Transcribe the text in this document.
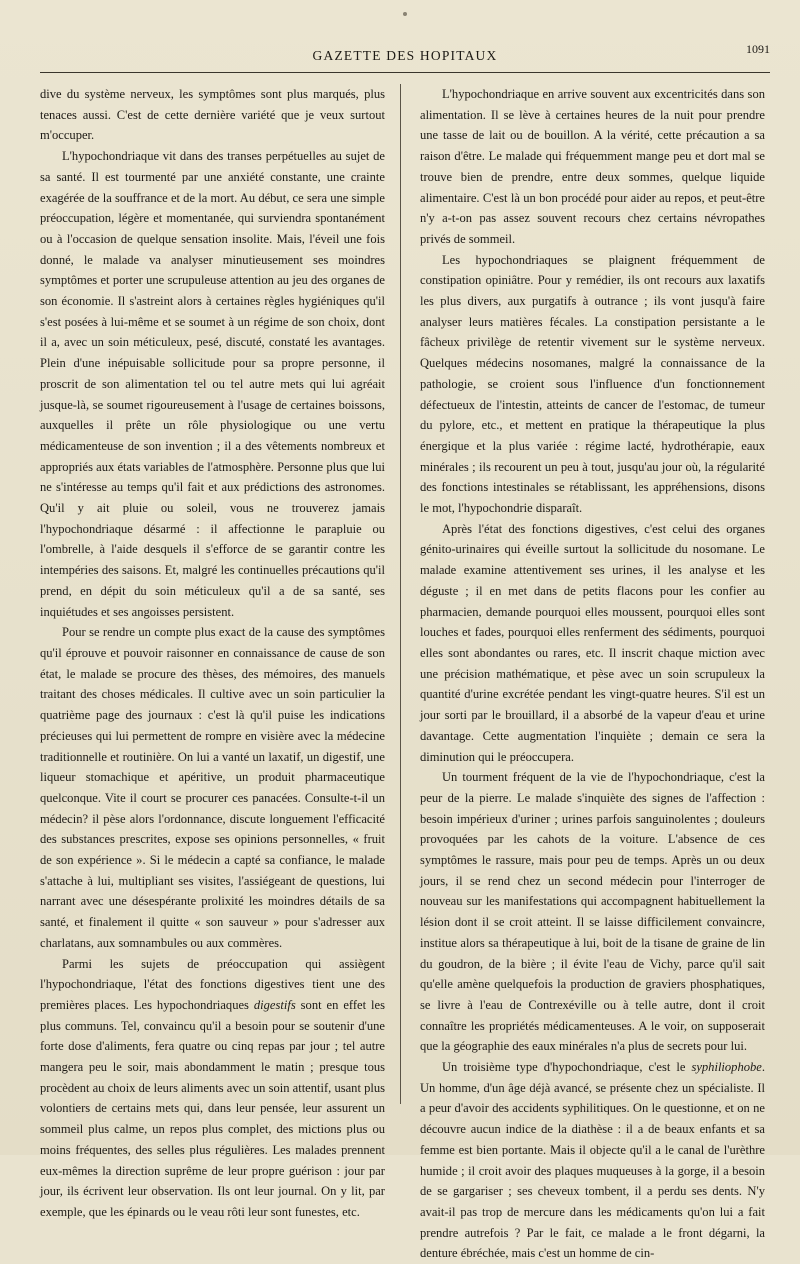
GAZETTE DES HOPITAUX	1091

dive du système nerveux, les symptômes sont plus marqués, plus tenaces aussi. C'est de cette dernière variété que je veux surtout m'occuper.

L'hypochondriaque vit dans des transes perpétuelles au sujet de sa santé. Il est tourmenté par une anxiété constante, une crainte exagérée de la souffrance et de la mort. Au début, ce sera une simple préoccupation, légère et momentanée, qui surviendra spontanément ou à l'occasion de quelque sensation insolite. Mais, l'éveil une fois donné, le malade va analyser minutieusement ses moindres symptômes et porter une scrupuleuse attention au jeu des organes de son économie. Il s'astreint alors à certaines règles hygiéniques qu'il s'est posées à lui-même et se soumet à un régime de son choix, dont il a, avec un soin méticuleux, pesé, discuté, constaté les avantages. Plein d'une inépuisable sollicitude pour sa propre personne, il proscrit de son alimentation tel ou tel autre mets qui lui agréait jusque-là, se soumet rigoureusement à l'usage de certaines boissons, auxquelles il prête un rôle physiologique ou une vertu médicamenteuse de son invention ; il a des vêtements nombreux et appropriés aux états variables de l'atmosphère. Personne plus que lui ne s'intéresse au temps qu'il fait et aux prédictions des astronomes. Qu'il y ait pluie ou soleil, vous ne trouverez jamais l'hypochondriaque désarmé : il affectionne le parapluie ou l'ombrelle, à l'aide desquels il s'efforce de se garantir contre les intempéries des saisons. Et, malgré les continuelles précautions qu'il prend, en dépit du soin méticuleux qu'il a de sa santé, ses inquiétudes et ses angoisses persistent.

Pour se rendre un compte plus exact de la cause des symptômes qu'il éprouve et pouvoir raisonner en connaissance de cause de son état, le malade se procure des thèses, des mémoires, des manuels traitant des choses médicales. Il cultive avec un soin particulier la quatrième page des journaux : c'est là qu'il puise les indications précieuses qui lui permettent de rompre en visière avec la médecine traditionnelle et routinière. On lui a vanté un laxatif, un digestif, une liqueur stomachique et apéritive, un produit pharmaceutique quelconque. Vite il court se procurer ces panacées. Consulte-t-il un médecin? il pèse alors l'ordonnance, discute longuement l'efficacité des substances prescrites, expose ses opinions personnelles, « fruit de son expérience ». Si le médecin a capté sa confiance, le malade s'attache à lui, multipliant ses visites, l'assiégeant de questions, lui narrant avec une désespérante prolixité les moindres détails de sa santé, et finalement il quitte « son sauveur » pour s'adresser aux charlatans, aux somnambules ou aux commères.

Parmi les sujets de préoccupation qui assiègent l'hypochondriaque, l'état des fonctions digestives tient une des premières places. Les hypochondriaques digestifs sont en effet les plus communs. Tel, convaincu qu'il a besoin pour se soutenir d'une forte dose d'aliments, fera quatre ou cinq repas par jour ; tel autre mangera peu le soir, mais abondamment le matin ; presque tous procèdent au choix de leurs aliments avec un soin attentif, usant plus volontiers de certains mets qui, dans leur pensée, leur assurent un sommeil plus calme, un repos plus complet, des mictions plus ou moins fréquentes, des selles plus régulières. Les malades prennent eux-mêmes la direction suprême de leur propre guérison : jour par jour, ils écrivent leur observation. Ils ont leur journal. On y lit, par exemple, que les épinards ou le veau rôti leur sont funestes, etc.

L'hypochondriaque en arrive souvent aux excentricités dans son alimentation. Il se lève à certaines heures de la nuit pour prendre une tasse de lait ou de bouillon. A la vérité, cette précaution a sa raison d'être. Le malade qui fréquemment mange peu et dort mal se trouve bien de prendre, entre deux sommes, quelque liquide alimentaire. C'est là un bon procédé pour aider au repos, et peut-être n'y a-t-on pas assez souvent recours chez certains névropathes privés de sommeil.

Les hypochondriaques se plaignent fréquemment de constipation opiniâtre. Pour y remédier, ils ont recours aux laxatifs les plus divers, aux purgatifs à outrance ; ils vont jusqu'à faire analyser leurs matières fécales. La constipation persistante a le fâcheux privilège de retentir vivement sur le système nerveux. Quelques médecins nosomanes, malgré la connaissance de la pathologie, se croient sous l'influence d'un fonctionnement défectueux de l'intestin, atteints de cancer de l'estomac, de tumeur du pylore, etc., et mettent en pratique la thérapeutique la plus énergique et la plus variée : régime lacté, hydrothérapie, eaux minérales ; ils recourent un peu à tout, jusqu'au jour où, la régularité des fonctions intestinales se rétablissant, les appréhensions, disons le mot, l'hypochondrie disparaît.

Après l'état des fonctions digestives, c'est celui des organes génito-urinaires qui éveille surtout la sollicitude du nosomane. Le malade examine attentivement ses urines, il les analyse et les déguste ; il en met dans de petits flacons pour les confier au pharmacien, demande pourquoi elles moussent, pourquoi elles sont louches et fades, pourquoi elles renferment des sédiments, pourquoi elles sont abondantes ou rares, etc. Il inscrit chaque miction avec une précision mathématique, et pèse avec un soin scrupuleux la quantité d'urine excrétée pendant les vingt-quatre heures. S'il est un jour sorti par le brouillard, il a absorbé de la vapeur d'eau et urine davantage. Cette augmentation l'inquiète ; demain ce sera la diminution qui le préoccupera.

Un tourment fréquent de la vie de l'hypochondriaque, c'est la peur de la pierre. Le malade s'inquiète des signes de l'affection : besoin impérieux d'uriner ; urines parfois sanguinolentes ; douleurs provoquées par les cahots de la voiture. L'absence de ces symptômes le rassure, mais pour peu de temps. Après un ou deux jours, il se rend chez un second médecin pour l'interroger de nouveau sur les manifestations qui accompagnent habituellement la lésion dont il se croit atteint. Il se laisse difficilement convaincre, institue alors sa thérapeutique à lui, boit de la tisane de graine de lin du goudron, de la bière ; il évite l'eau de Vichy, parce qu'il sait qu'elle amène quelquefois la production de graviers phosphatiques, se livre à l'eau de Contrexéville ou à telle autre, dont il croit connaître les propriétés médicamenteuses. A le voir, on supposerait que la géographie des eaux minérales n'a plus de secrets pour lui.

Un troisième type d'hypochondriaque, c'est le syphiliophobe. Un homme, d'un âge déjà avancé, se présente chez un spécialiste. Il a peur d'avoir des accidents syphilitiques. On le questionne, et on ne découvre aucun indice de la diathèse : il a de beaux enfants et sa femme est bien portante. Mais il objecte qu'il a le canal de l'urèthre humide ; il croit avoir des plaques muqueuses à la gorge, il a besoin de se gargariser ; ses cheveux tombent, il a perdu ses dents. N'y avait-il pas trop de mercure dans les médicaments qu'on lui a fait prendre autrefois ? Par le fait, ce malade a le front dégarni, la denture ébréchée, mais c'est un homme de cin-
